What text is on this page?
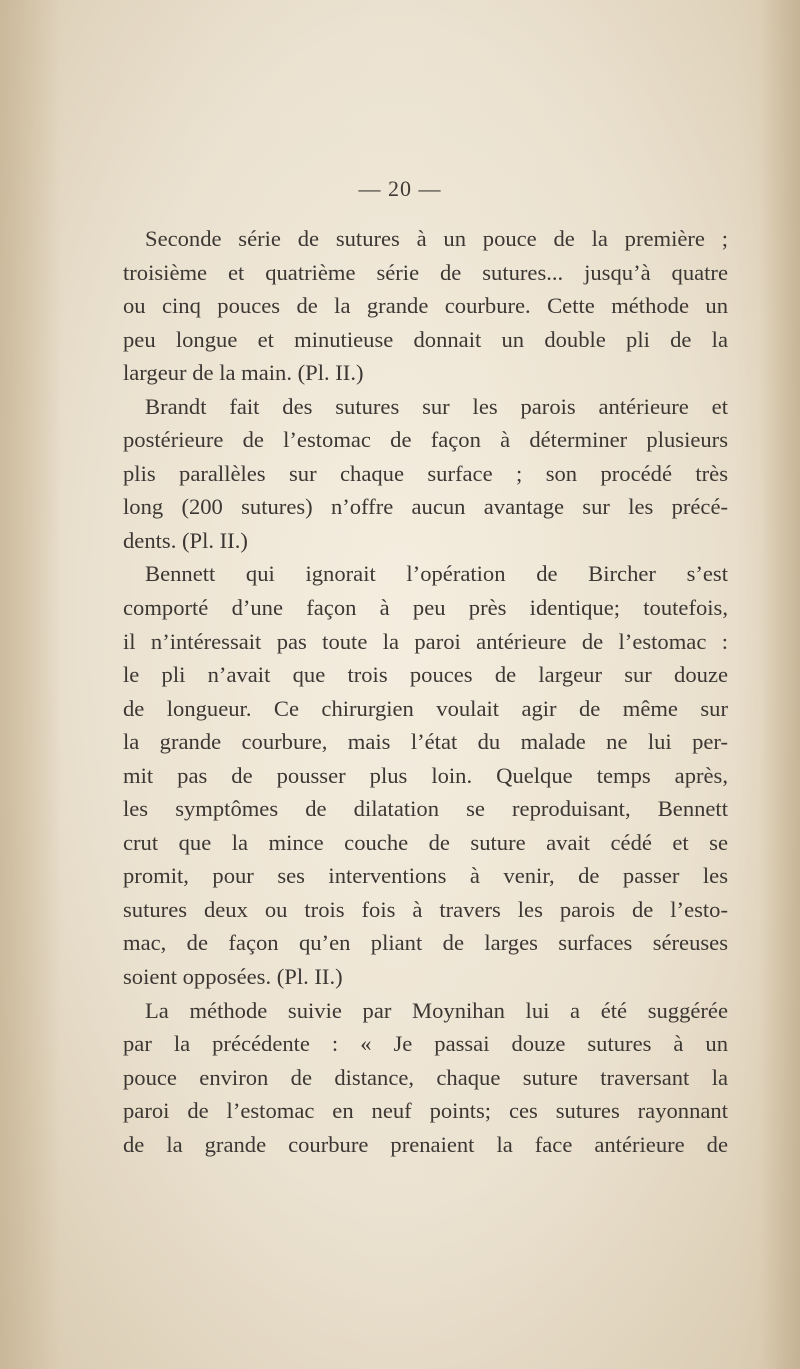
— 20 —
Seconde série de sutures à un pouce de la première ;
troisième et quatrième série de sutures... jusqu’à quatre
ou cinq pouces de la grande courbure. Cette méthode un
peu longue et minutieuse donnait un double pli de la
largeur de la main. (Pl. II.)
Brandt fait des sutures sur les parois antérieure et
postérieure de l’estomac de façon à déterminer plusieurs
plis parallèles sur chaque surface ; son procédé très
long (200 sutures) n’offre aucun avantage sur les précé-
dents. (Pl. II.)
Bennett qui ignorait l’opération de Bircher s’est
comporté d’une façon à peu près identique; toutefois,
il n’intéressait pas toute la paroi antérieure de l’estomac :
le pli n’avait que trois pouces de largeur sur douze
de longueur. Ce chirurgien voulait agir de même sur
la grande courbure, mais l’état du malade ne lui per-
mit pas de pousser plus loin. Quelque temps après,
les symptômes de dilatation se reproduisant, Bennett
crut que la mince couche de suture avait cédé et se
promit, pour ses interventions à venir, de passer les
sutures deux ou trois fois à travers les parois de l’esto-
mac, de façon qu’en pliant de larges surfaces séreuses
soient opposées. (Pl. II.)
La méthode suivie par Moynihan lui a été suggérée
par la précédente : « Je passai douze sutures à un
pouce environ de distance, chaque suture traversant la
paroi de l’estomac en neuf points; ces sutures rayonnant
de la grande courbure prenaient la face antérieure de
